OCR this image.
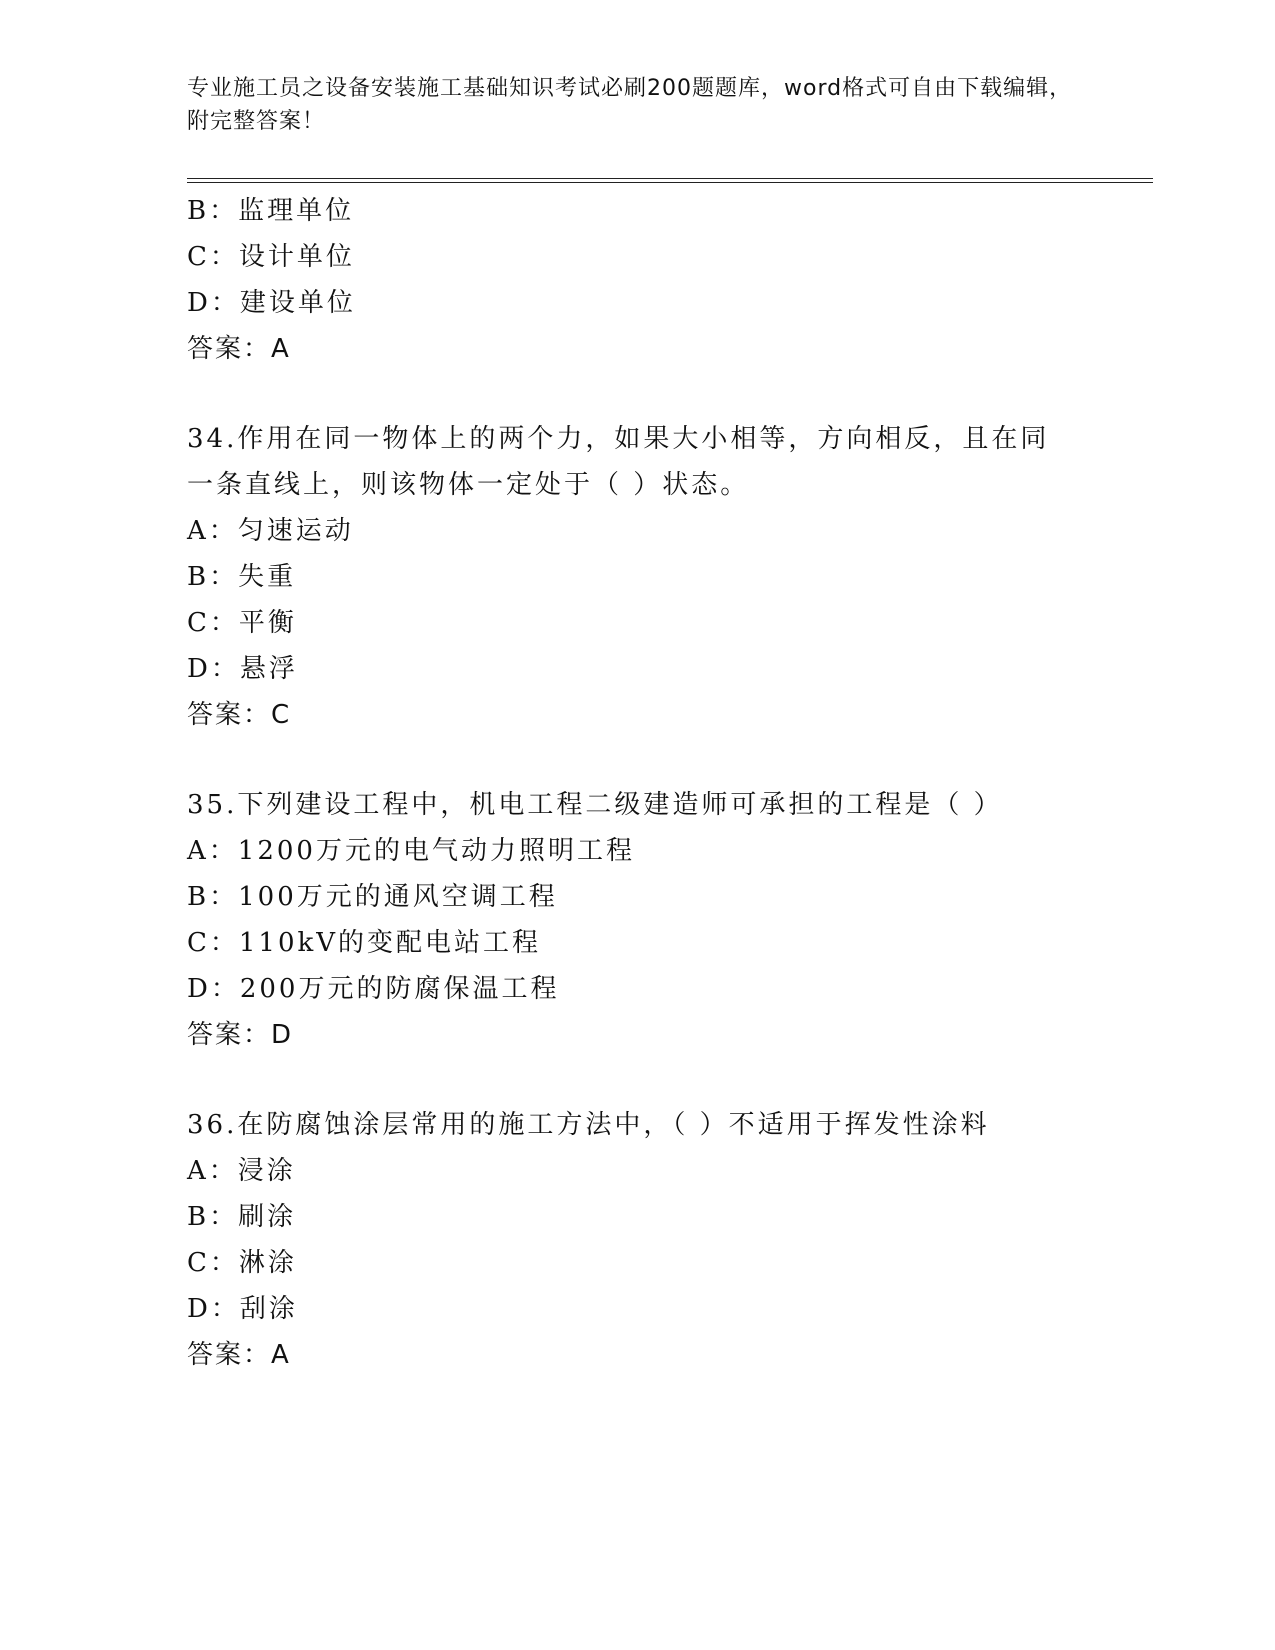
专业施工员之设备安装施工基础知识考试必刷200题题库，word格式可自由下载编辑，附完整答案！
B：监理单位
C：设计单位
D：建设单位
答案：A
34.作用在同一物体上的两个力，如果大小相等，方向相反，且在同一条直线上，则该物体一定处于（ ）状态。
A：匀速运动
B：失重
C：平衡
D：悬浮
答案：C
35.下列建设工程中，机电工程二级建造师可承担的工程是（ ）
A：1200万元的电气动力照明工程
B：100万元的通风空调工程
C：110kV的变配电站工程
D：200万元的防腐保温工程
答案：D
36.在防腐蚀涂层常用的施工方法中，（ ）不适用于挥发性涂料
A：浸涂
B：刷涂
C：淋涂
D：刮涂
答案：A
